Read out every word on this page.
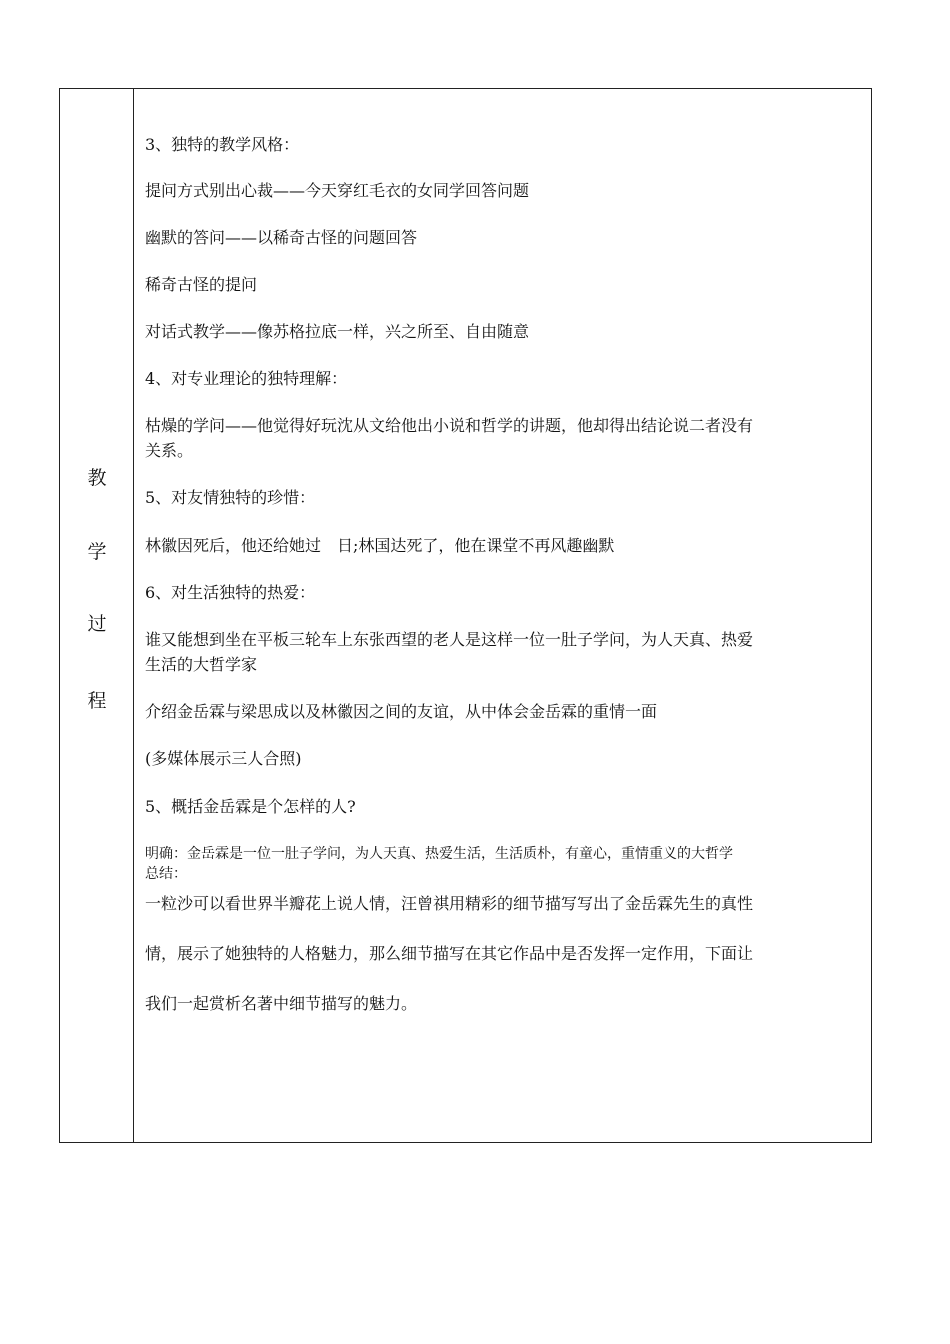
教
学
过
程
3、独特的教学风格：
提问方式别出心裁——今天穿红毛衣的女同学回答问题
幽默的答问——以稀奇古怪的问题回答
稀奇古怪的提问
对话式教学——像苏格拉底一样，兴之所至、自由随意
4、对专业理论的独特理解：
枯燥的学问——他觉得好玩沈从文给他出小说和哲学的讲题，他却得出结论说二者没有
关系。
5、对友情独特的珍惜：
林徽因死后，他还给她过　日;林国达死了，他在课堂不再风趣幽默
6、对生活独特的热爱：
谁又能想到坐在平板三轮车上东张西望的老人是这样一位一肚子学问，为人天真、热爱
生活的大哲学家
介绍金岳霖与梁思成以及林徽因之间的友谊，从中体会金岳霖的重情一面
(多媒体展示三人合照)
5、概括金岳霖是个怎样的人?
明确：金岳霖是一位一肚子学问，为人天真、热爱生活，生活质朴，有童心，重情重义的大哲学
总结：
一粒沙可以看世界半瓣花上说人情，汪曾祺用精彩的细节描写写出了金岳霖先生的真性
情，展示了她独特的人格魅力，那么细节描写在其它作品中是否发挥一定作用，下面让
我们一起赏析名著中细节描写的魅力。
